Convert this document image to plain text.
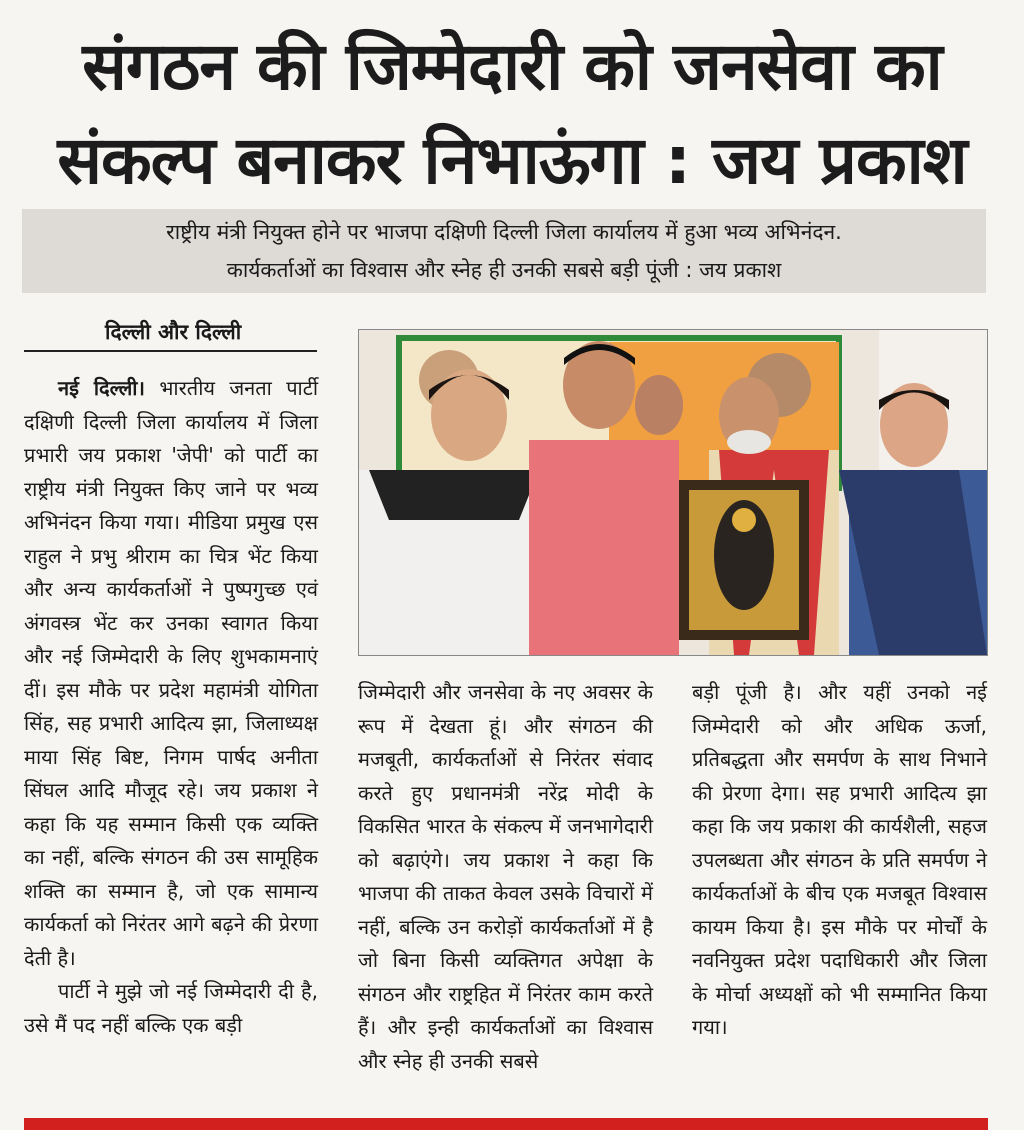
संगठन की जिम्मेदारी को जनसेवा का
संकल्प बनाकर निभाऊंगा : जय प्रकाश
राष्ट्रीय मंत्री नियुक्त होने पर भाजपा दक्षिणी दिल्ली जिला कार्यालय में हुआ भव्य अभिनंदन.
कार्यकर्ताओं का विश्वास और स्नेह ही उनकी सबसे बड़ी पूंजी : जय प्रकाश
दिल्ली और दिल्ली

नई दिल्ली। भारतीय जनता पार्टी दक्षिणी दिल्ली जिला कार्यालय में जिला प्रभारी जय प्रकाश 'जेपी' को पार्टी का राष्ट्रीय मंत्री नियुक्त किए जाने पर भव्य अभिनंदन किया गया। मीडिया प्रमुख एस राहुल ने प्रभु श्रीराम का चित्र भेंट किया और अन्य कार्यकर्ताओं ने पुष्पगुच्छ एवं अंगवस्त्र भेंट कर उनका स्वागत किया और नई जिम्मेदारी के लिए शुभकामनाएं दीं। इस मौके पर प्रदेश महामंत्री योगिता सिंह, सह प्रभारी आदित्य झा, जिलाध्यक्ष माया सिंह बिष्ट, निगम पार्षद अनीता सिंघल आदि मौजूद रहे। जय प्रकाश ने कहा कि यह सम्मान किसी एक व्यक्ति का नहीं, बल्कि संगठन की उस सामूहिक शक्ति का सम्मान है, जो एक सामान्य कार्यकर्ता को निरंतर आगे बढ़ने की प्रेरणा देती है।

पार्टी ने मुझे जो नई जिम्मेदारी दी है, उसे मैं पद नहीं बल्कि एक बड़ी

जिम्मेदारी और जनसेवा के नए अवसर के रूप में देखता हूं। और संगठन की मजबूती, कार्यकर्ताओं से निरंतर संवाद करते हुए प्रधानमंत्री नरेंद्र मोदी के विकसित भारत के संकल्प में जनभागेदारी को बढ़ाएंगे। जय प्रकाश ने कहा कि भाजपा की ताकत केवल उसके विचारों में नहीं, बल्कि उन करोड़ों कार्यकर्ताओं में है जो बिना किसी व्यक्तिगत अपेक्षा के संगठन और राष्ट्रहित में निरंतर काम करते हैं। और इन्ही कार्यकर्ताओं का विश्वास और स्नेह ही उनकी सबसे
बड़ी पूंजी है। और यहीं उनको नई जिम्मेदारी को और अधिक ऊर्जा, प्रतिबद्धता और समर्पण के साथ निभाने की प्रेरणा देगा। सह प्रभारी आदित्य झा कहा कि जय प्रकाश की कार्यशैली, सहज उपलब्धता और संगठन के प्रति समर्पण ने कार्यकर्ताओं के बीच एक मजबूत विश्वास कायम किया है। इस मौके पर मोर्चों के नवनियुक्त प्रदेश पदाधिकारी और जिला के मोर्चा अध्यक्षों को भी सम्मानित किया गया।
